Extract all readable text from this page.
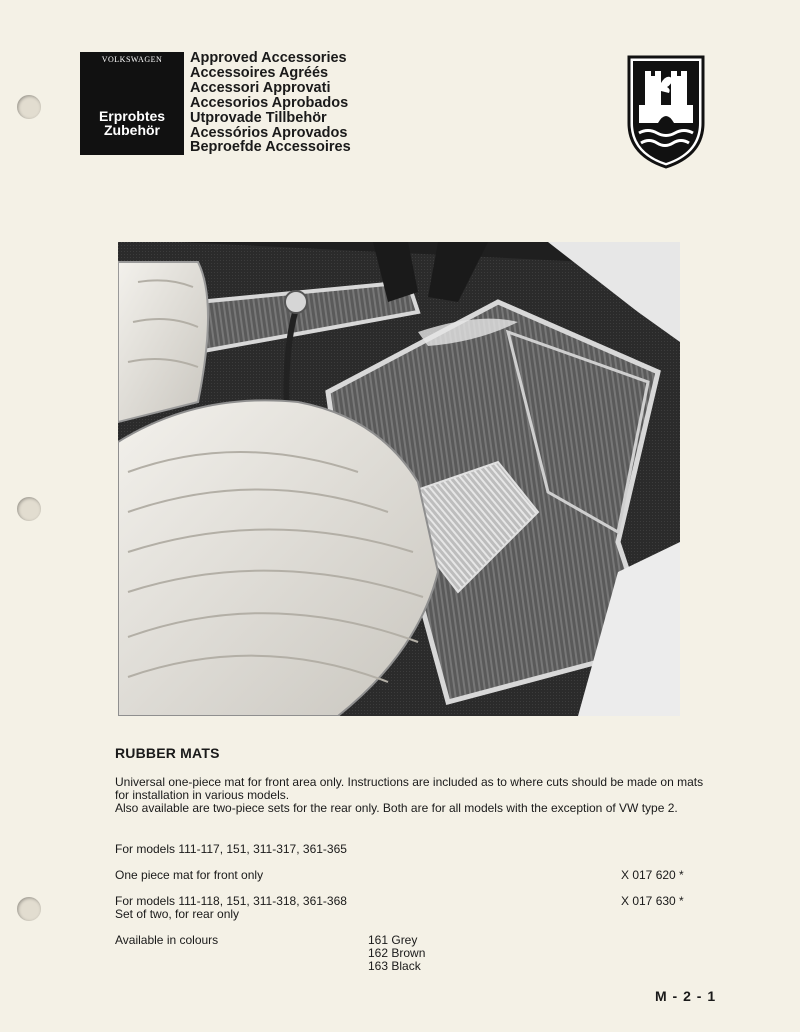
VOLKSWAGEN
Erprobtes
Zubehör
Approved Accessories
Accessoires Agréés
Accessori Approvati
Accesorios Aprobados
Utprovade Tillbehör
Acessórios Aprovados
Beproefde Accessoires
RUBBER MATS

Universal one-piece mat for front area only. Instructions are included as to where cuts should be made on mats for installation in various models.

Also available are two-piece sets for the rear only. Both are for all models with the exception of VW type 2.

For models 111-117, 151, 311-317, 361-365
One piece mat for front only	X 017 620 *
For models 111-118, 151, 311-318, 361-368	X 017 630 *
Set of two, for rear only
Available in colours	161 Grey
162 Brown
163 Black
M - 2 - 1
